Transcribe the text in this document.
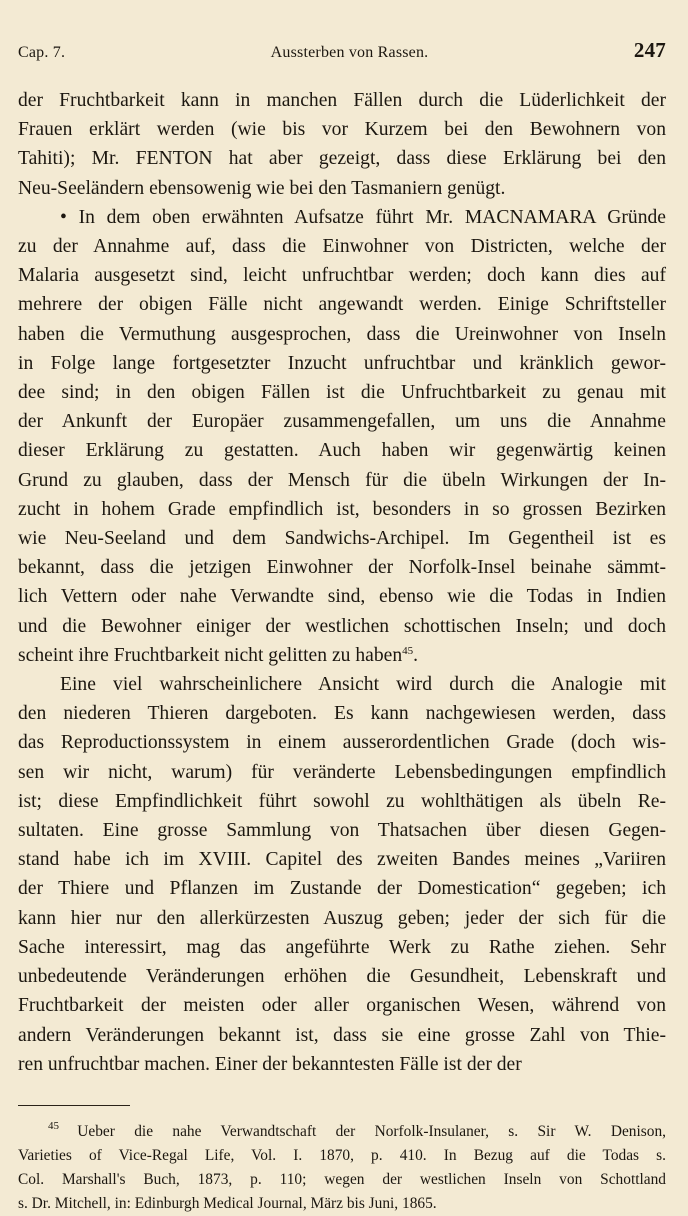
Cap. 7.	Aussterben von Rassen.	247
der Fruchtbarkeit kann in manchen Fällen durch die Lüderlichkeit der
Frauen erklärt werden (wie bis vor Kurzem bei den Bewohnern von
Tahiti); Mr. FENTON hat aber gezeigt, dass diese Erklärung bei den
Neu-Seeländern ebensowenig wie bei den Tasmaniern genügt.
• In dem oben erwähnten Aufsatze führt Mr. MACNAMARA Gründe
zu der Annahme auf, dass die Einwohner von Districten, welche der
Malaria ausgesetzt sind, leicht unfruchtbar werden; doch kann dies auf
mehrere der obigen Fälle nicht angewandt werden. Einige Schriftsteller
haben die Vermuthung ausgesprochen, dass die Ureinwohner von Inseln
in Folge lange fortgesetzter Inzucht unfruchtbar und kränklich gewor-
dee sind; in den obigen Fällen ist die Unfruchtbarkeit zu genau mit
der Ankunft der Europäer zusammengefallen, um uns die Annahme
dieser Erklärung zu gestatten. Auch haben wir gegenwärtig keinen
Grund zu glauben, dass der Mensch für die übeln Wirkungen der In-
zucht in hohem Grade empfindlich ist, besonders in so grossen Bezirken
wie Neu-Seeland und dem Sandwichs-Archipel. Im Gegentheil ist es
bekannt, dass die jetzigen Einwohner der Norfolk-Insel beinahe sämmt-
lich Vettern oder nahe Verwandte sind, ebenso wie die Todas in Indien
und die Bewohner einiger der westlichen schottischen Inseln; und doch
scheint ihre Fruchtbarkeit nicht gelitten zu haben$^{45}$.
Eine viel wahrscheinlichere Ansicht wird durch die Analogie mit
den niederen Thieren dargeboten. Es kann nachgewiesen werden, dass
das Reproductionssystem in einem ausserordentlichen Grade (doch wis-
sen wir nicht, warum) für veränderte Lebensbedingungen empfindlich
ist; diese Empfindlichkeit führt sowohl zu wohlthätigen als übeln Re-
sultaten. Eine grosse Sammlung von Thatsachen über diesen Gegen-
stand habe ich im XVIII. Capitel des zweiten Bandes meines „Variiren
der Thiere und Pflanzen im Zustande der Domestication“ gegeben; ich
kann hier nur den allerkürzesten Auszug geben; jeder der sich für die
Sache interessirt, mag das angeführte Werk zu Rathe ziehen. Sehr
unbedeutende Veränderungen erhöhen die Gesundheit, Lebenskraft und
Fruchtbarkeit der meisten oder aller organischen Wesen, während von
andern Veränderungen bekannt ist, dass sie eine grosse Zahl von Thie-
ren unfruchtbar machen. Einer der bekanntesten Fälle ist der der
$^{45}$ Ueber die nahe Verwandtschaft der Norfolk-Insulaner, s. Sir W. Denison,
Varieties of Vice-Regal Life, Vol. I. 1870, p. 410. In Bezug auf die Todas s.
Col. Marshall's Buch, 1873, p. 110; wegen der westlichen Inseln von Schottland
s. Dr. Mitchell, in: Edinburgh Medical Journal, März bis Juni, 1865.
